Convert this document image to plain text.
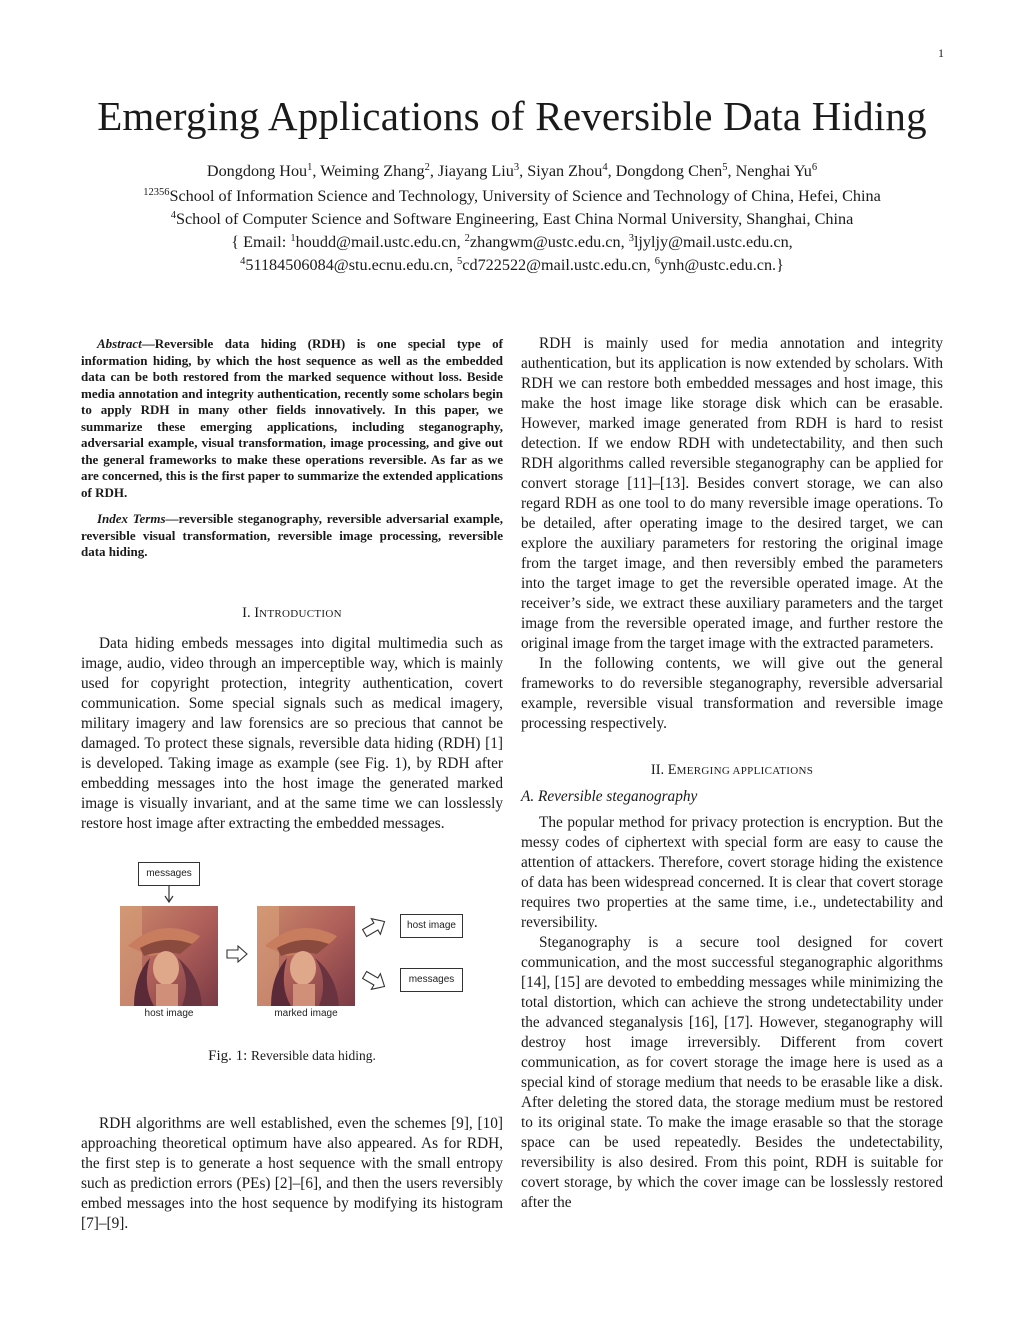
1
Emerging Applications of Reversible Data Hiding
Dongdong Hou$^1$, Weiming Zhang$^2$, Jiayang Liu$^3$, Siyan Zhou$^4$, Dongdong Chen$^5$, Nenghai Yu$^6$
$^{12356}$School of Information Science and Technology, University of Science and Technology of China, Hefei, China
$^4$School of Computer Science and Software Engineering, East China Normal University, Shanghai, China
{ Email: $^1$houdd@mail.ustc.edu.cn, $^2$zhangwm@ustc.edu.cn, $^3$ljyljy@mail.ustc.edu.cn,
$^4$51184506084@stu.ecnu.edu.cn, $^5$cd722522@mail.ustc.edu.cn, $^6$ynh@ustc.edu.cn.}

Abstract—Reversible data hiding (RDH) is one special type of information hiding, by which the host sequence as well as the embedded data can be both restored from the marked sequence without loss. Beside media annotation and integrity authentication, recently some scholars begin to apply RDH in many other fields innovatively. In this paper, we summarize these emerging applications, including steganography, adversarial example, visual transformation, image processing, and give out the general frameworks to make these operations reversible. As far as we are concerned, this is the first paper to summarize the extended applications of RDH.

Index Terms—reversible steganography, reversible adversarial example, reversible visual transformation, reversible image processing, reversible data hiding.

I. INTRODUCTION

Data hiding embeds messages into digital multimedia such as image, audio, video through an imperceptible way, which is mainly used for copyright protection, integrity authentication, covert communication. Some special signals such as medical imagery, military imagery and law forensics are so precious that cannot be damaged. To protect these signals, reversible data hiding (RDH) [1] is developed. Taking image as example (see Fig. 1), by RDH after embedding messages into the host image the generated marked image is visually invariant, and at the same time we can losslessly restore host image after extracting the embedded messages.

messages
host image	marked image
host image
messages

Fig. 1: Reversible data hiding.

RDH algorithms are well established, even the schemes [9], [10] approaching theoretical optimum have also appeared. As for RDH, the first step is to generate a host sequence with the small entropy such as prediction errors (PEs) [2]–[6], and then the users reversibly embed messages into the host sequence by modifying its histogram [7]–[9].

RDH is mainly used for media annotation and integrity authentication, but its application is now extended by scholars. With RDH we can restore both embedded messages and host image, this make the host image like storage disk which can be erasable. However, marked image generated from RDH is hard to resist detection. If we endow RDH with undetectability, and then such RDH algorithms called reversible steganography can be applied for convert storage [11]–[13]. Besides convert storage, we can also regard RDH as one tool to do many reversible image operations. To be detailed, after operating image to the desired target, we can explore the auxiliary parameters for restoring the original image from the target image, and then reversibly embed the parameters into the target image to get the reversible operated image. At the receiver’s side, we extract these auxiliary parameters and the target image from the reversible operated image, and further restore the original image from the target image with the extracted parameters.

In the following contents, we will give out the general frameworks to do reversible steganography, reversible adversarial example, reversible visual transformation and reversible image processing respectively.

II. EMERGING APPLICATIONS

A. Reversible steganography

The popular method for privacy protection is encryption. But the messy codes of ciphertext with special form are easy to cause the attention of attackers. Therefore, covert storage hiding the existence of data has been widespread concerned. It is clear that covert storage requires two properties at the same time, i.e., undetectability and reversibility.

Steganography is a secure tool designed for covert communication, and the most successful steganographic algorithms [14], [15] are devoted to embedding messages while minimizing the total distortion, which can achieve the strong undetectability under the advanced steganalysis [16], [17]. However, steganography will destroy host image irreversibly. Different from covert communication, as for covert storage the image here is used as a special kind of storage medium that needs to be erasable like a disk. After deleting the stored data, the storage medium must be restored to its original state. To make the image erasable so that the storage space can be used repeatedly. Besides the undetectability, reversibility is also desired. From this point, RDH is suitable for covert storage, by which the cover image can be losslessly restored after the
